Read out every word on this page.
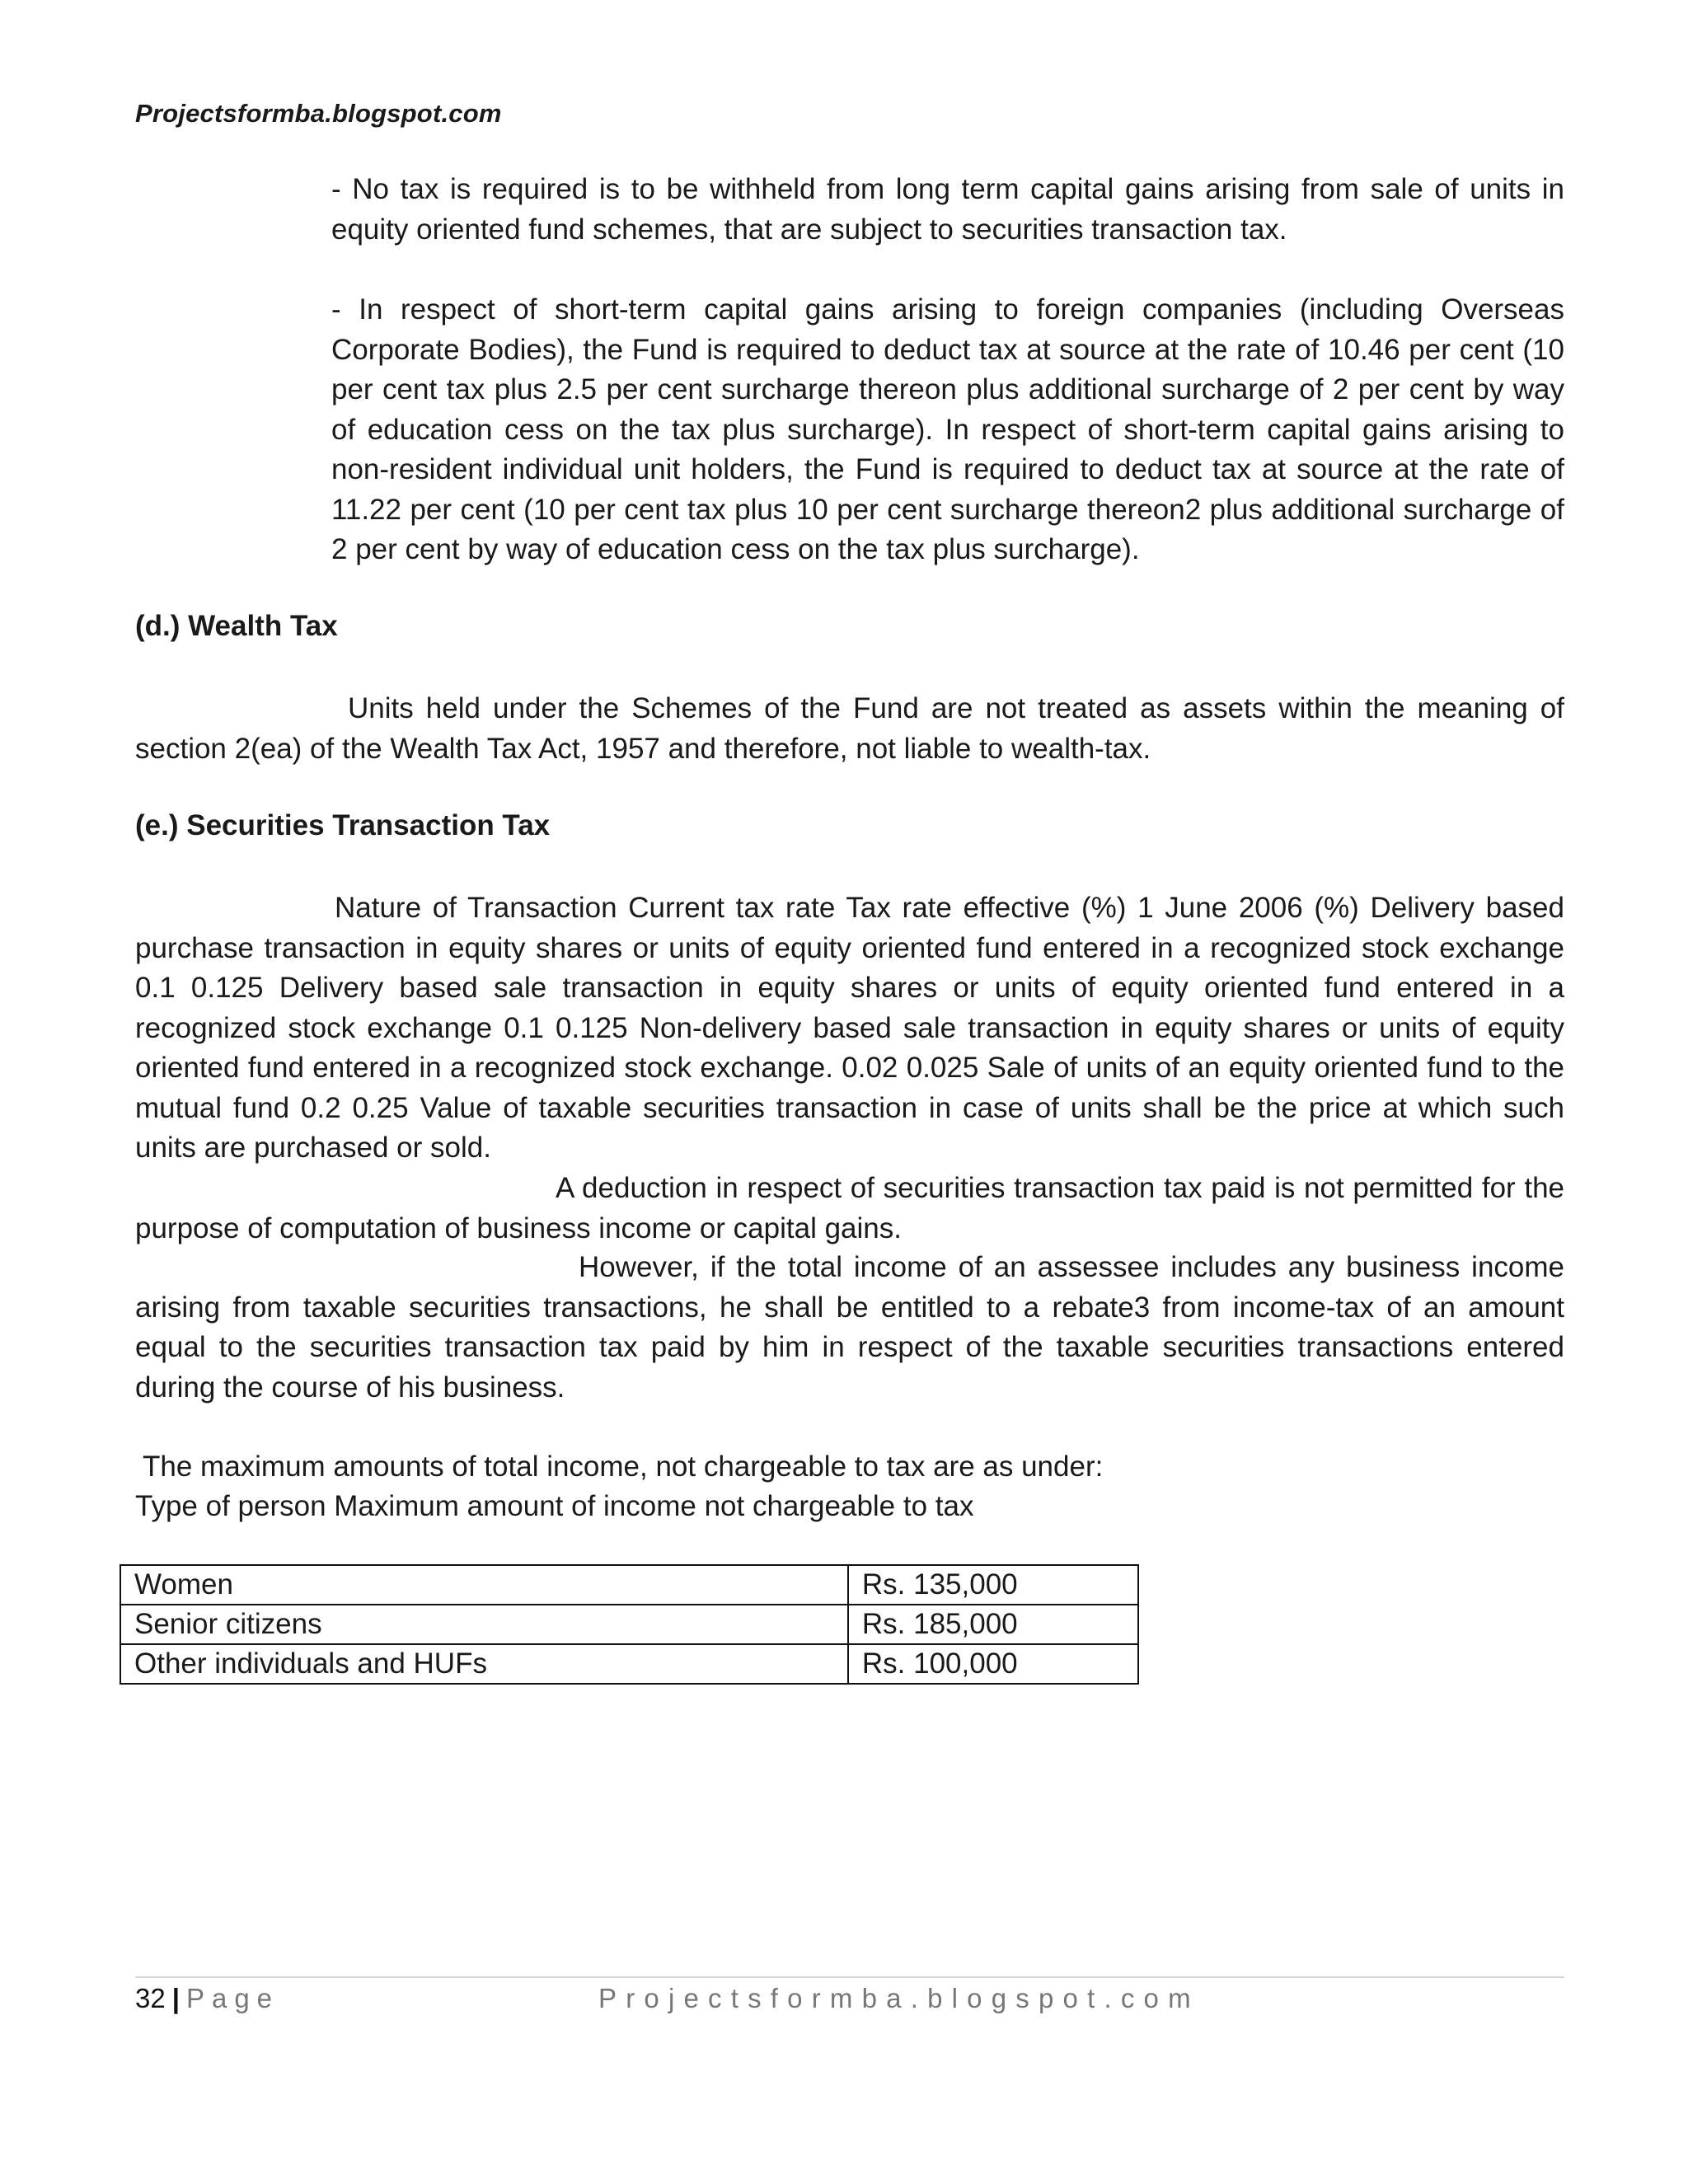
Projectsformba.blogspot.com

- No tax is required is to be withheld from long term capital gains arising from sale of units in equity oriented fund schemes, that are subject to securities transaction tax.

- In respect of short-term capital gains arising to foreign companies (including Overseas Corporate Bodies), the Fund is required to deduct tax at source at the rate of 10.46 per cent (10 per cent tax plus 2.5 per cent surcharge thereon plus additional surcharge of 2 per cent by way of education cess on the tax plus surcharge). In respect of short-term capital gains arising to non-resident individual unit holders, the Fund is required to deduct tax at source at the rate of 11.22 per cent (10 per cent tax plus 10 per cent surcharge thereon2 plus additional surcharge of 2 per cent by way of education cess on the tax plus surcharge).

(d.) Wealth Tax

Units held under the Schemes of the Fund are not treated as assets within the meaning of section 2(ea) of the Wealth Tax Act, 1957 and therefore, not liable to wealth-tax.

(e.) Securities Transaction Tax

Nature of Transaction Current tax rate Tax rate effective (%) 1 June 2006 (%) Delivery based purchase transaction in equity shares or units of equity oriented fund entered in a recognized stock exchange 0.1 0.125 Delivery based sale transaction in equity shares or units of equity oriented fund entered in a recognized stock exchange 0.1 0.125 Non-delivery based sale transaction in equity shares or units of equity oriented fund entered in a recognized stock exchange. 0.02 0.025 Sale of units of an equity oriented fund to the mutual fund 0.2 0.25 Value of taxable securities transaction in case of units shall be the price at which such units are purchased or sold.

A deduction in respect of securities transaction tax paid is not permitted for the purpose of computation of business income or capital gains.

However, if the total income of an assessee includes any business income arising from taxable securities transactions, he shall be entitled to a rebate3 from income-tax of an amount equal to the securities transaction tax paid by him in respect of the taxable securities transactions entered during the course of his business.

The maximum amounts of total income, not chargeable to tax are as under:

Type of person Maximum amount of income not chargeable to tax

Women	Rs. 135,000
Senior citizens	Rs. 185,000
Other individuals and HUFs	Rs. 100,000
32 | Page	Projectsformba.blogspot.com
